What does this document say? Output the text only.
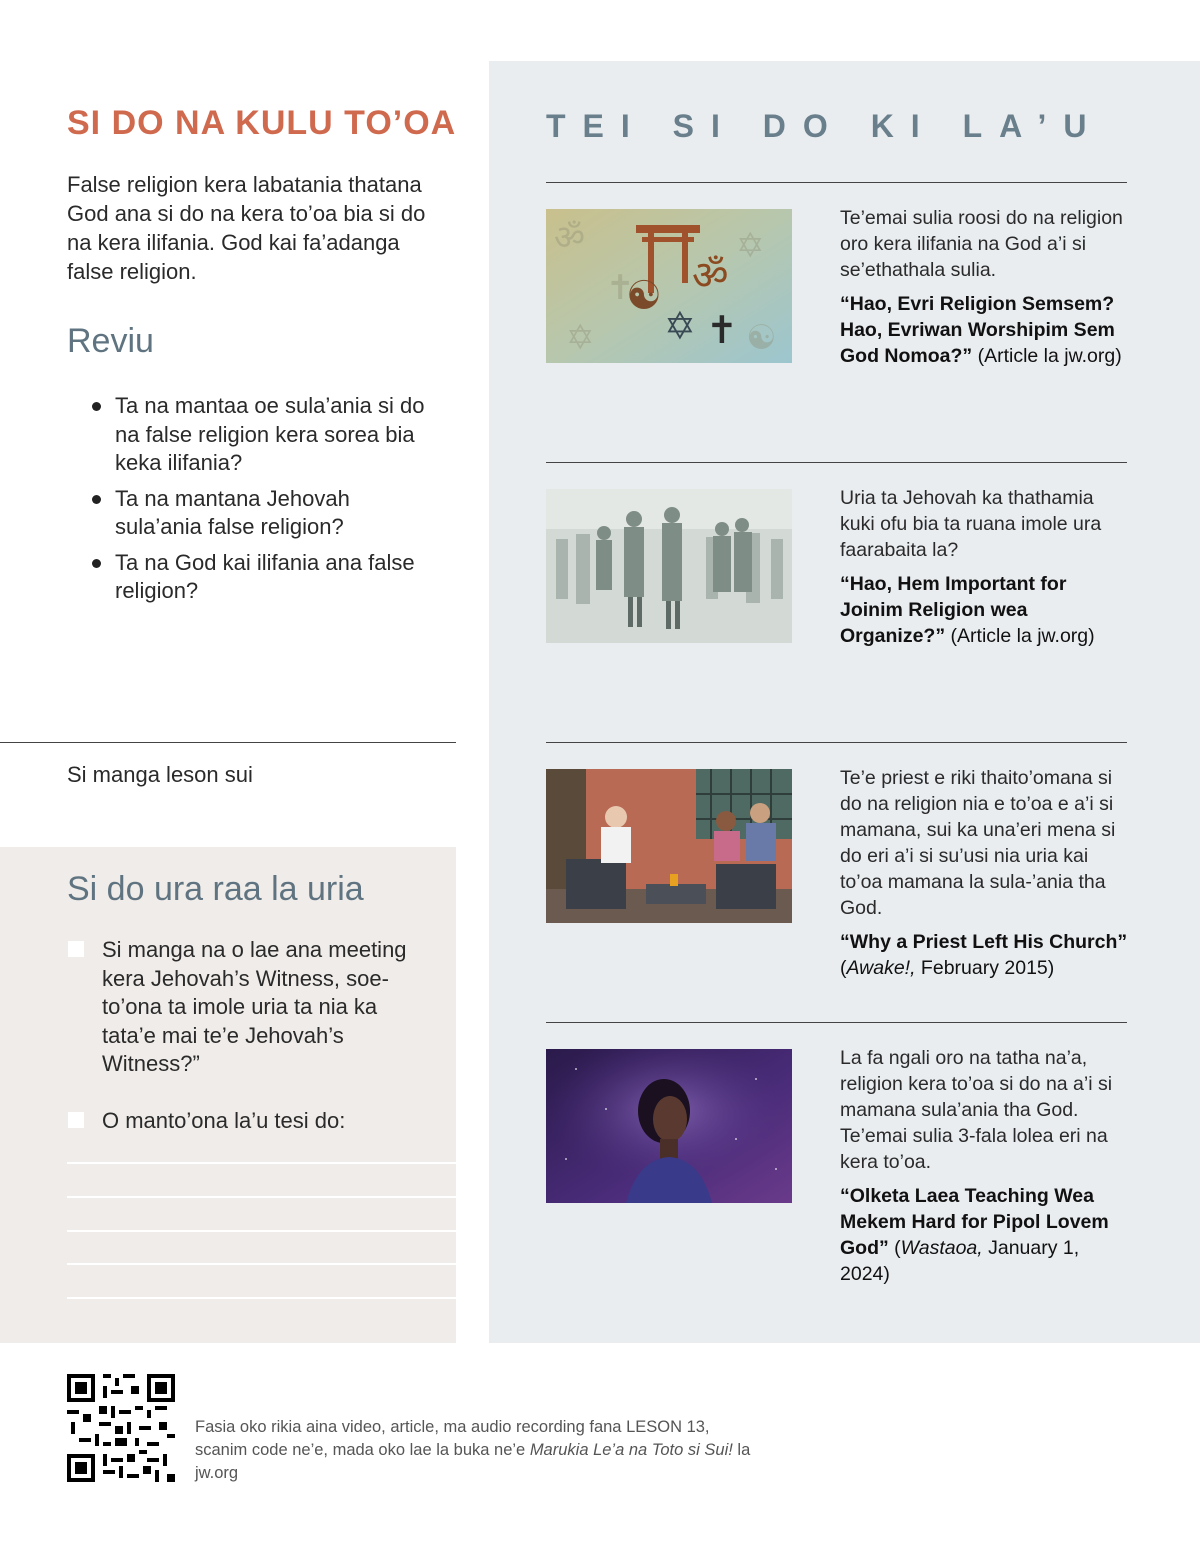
SI DO NA KULU TO’OA

False religion kera labatania thatana God ana si do na kera to’oa bia si do na kera ilifania. God kai fa’adanga false religion.

Reviu
Ta na mantaa oe sula’ania si do na false religion kera sorea bia keka ilifania?
Ta na mantana Jehovah sula’ania false religion?
Ta na God kai ilifania ana false religion?

Si manga leson sui

Si do ura raa la uria
Si manga na o lae ana meeting kera Jehovah’s Witness, soe-to’ona ta imole uria ta nia ka tata’e mai te’e Jehovah’s Witness?”
O manto’ona la’u tesi do:
TEI SI DO KI LA’U
ॐ	✡
✡	☯
✝ ॐ
☯
✡ ✝

Te’emai sulia roosi do na religion oro kera ilifania na God a’i si se’ethathala sulia.

“Hao, Evri Religion Semsem? Hao, Evriwan Worshipim Sem God Nomoa?” (Article la jw.org)

Uria ta Jehovah ka thathamia kuki ofu bia ta ruana imole ura faarabaita la?

“Hao, Hem Important for Joinim Religion wea Organize?” (Article la jw.org)

Te’e priest e riki thaito’omana si do na religion nia e to’oa e a’i si mamana, sui ka una’eri mena si do eri a’i si su’usi nia uria kai to’oa mamana la sula-’ania tha God.

“Why a Priest Left His Church” (Awake!, February 2015)

La fa ngali oro na tatha na’a, religion kera to’oa si do na a’i si mamana sula’ania tha God. Te’emai sulia 3-fala lolea eri na kera to’oa.

“Olketa Laea Teaching Wea Mekem Hard for Pipol Lovem God” (Wastaoa, January 1, 2024)

Fasia oko rikia aina video, article, ma audio recording fana LESON 13, scanim code ne’e, mada oko lae la buka ne’e Marukia Le’a na Toto si Sui! la jw.org
